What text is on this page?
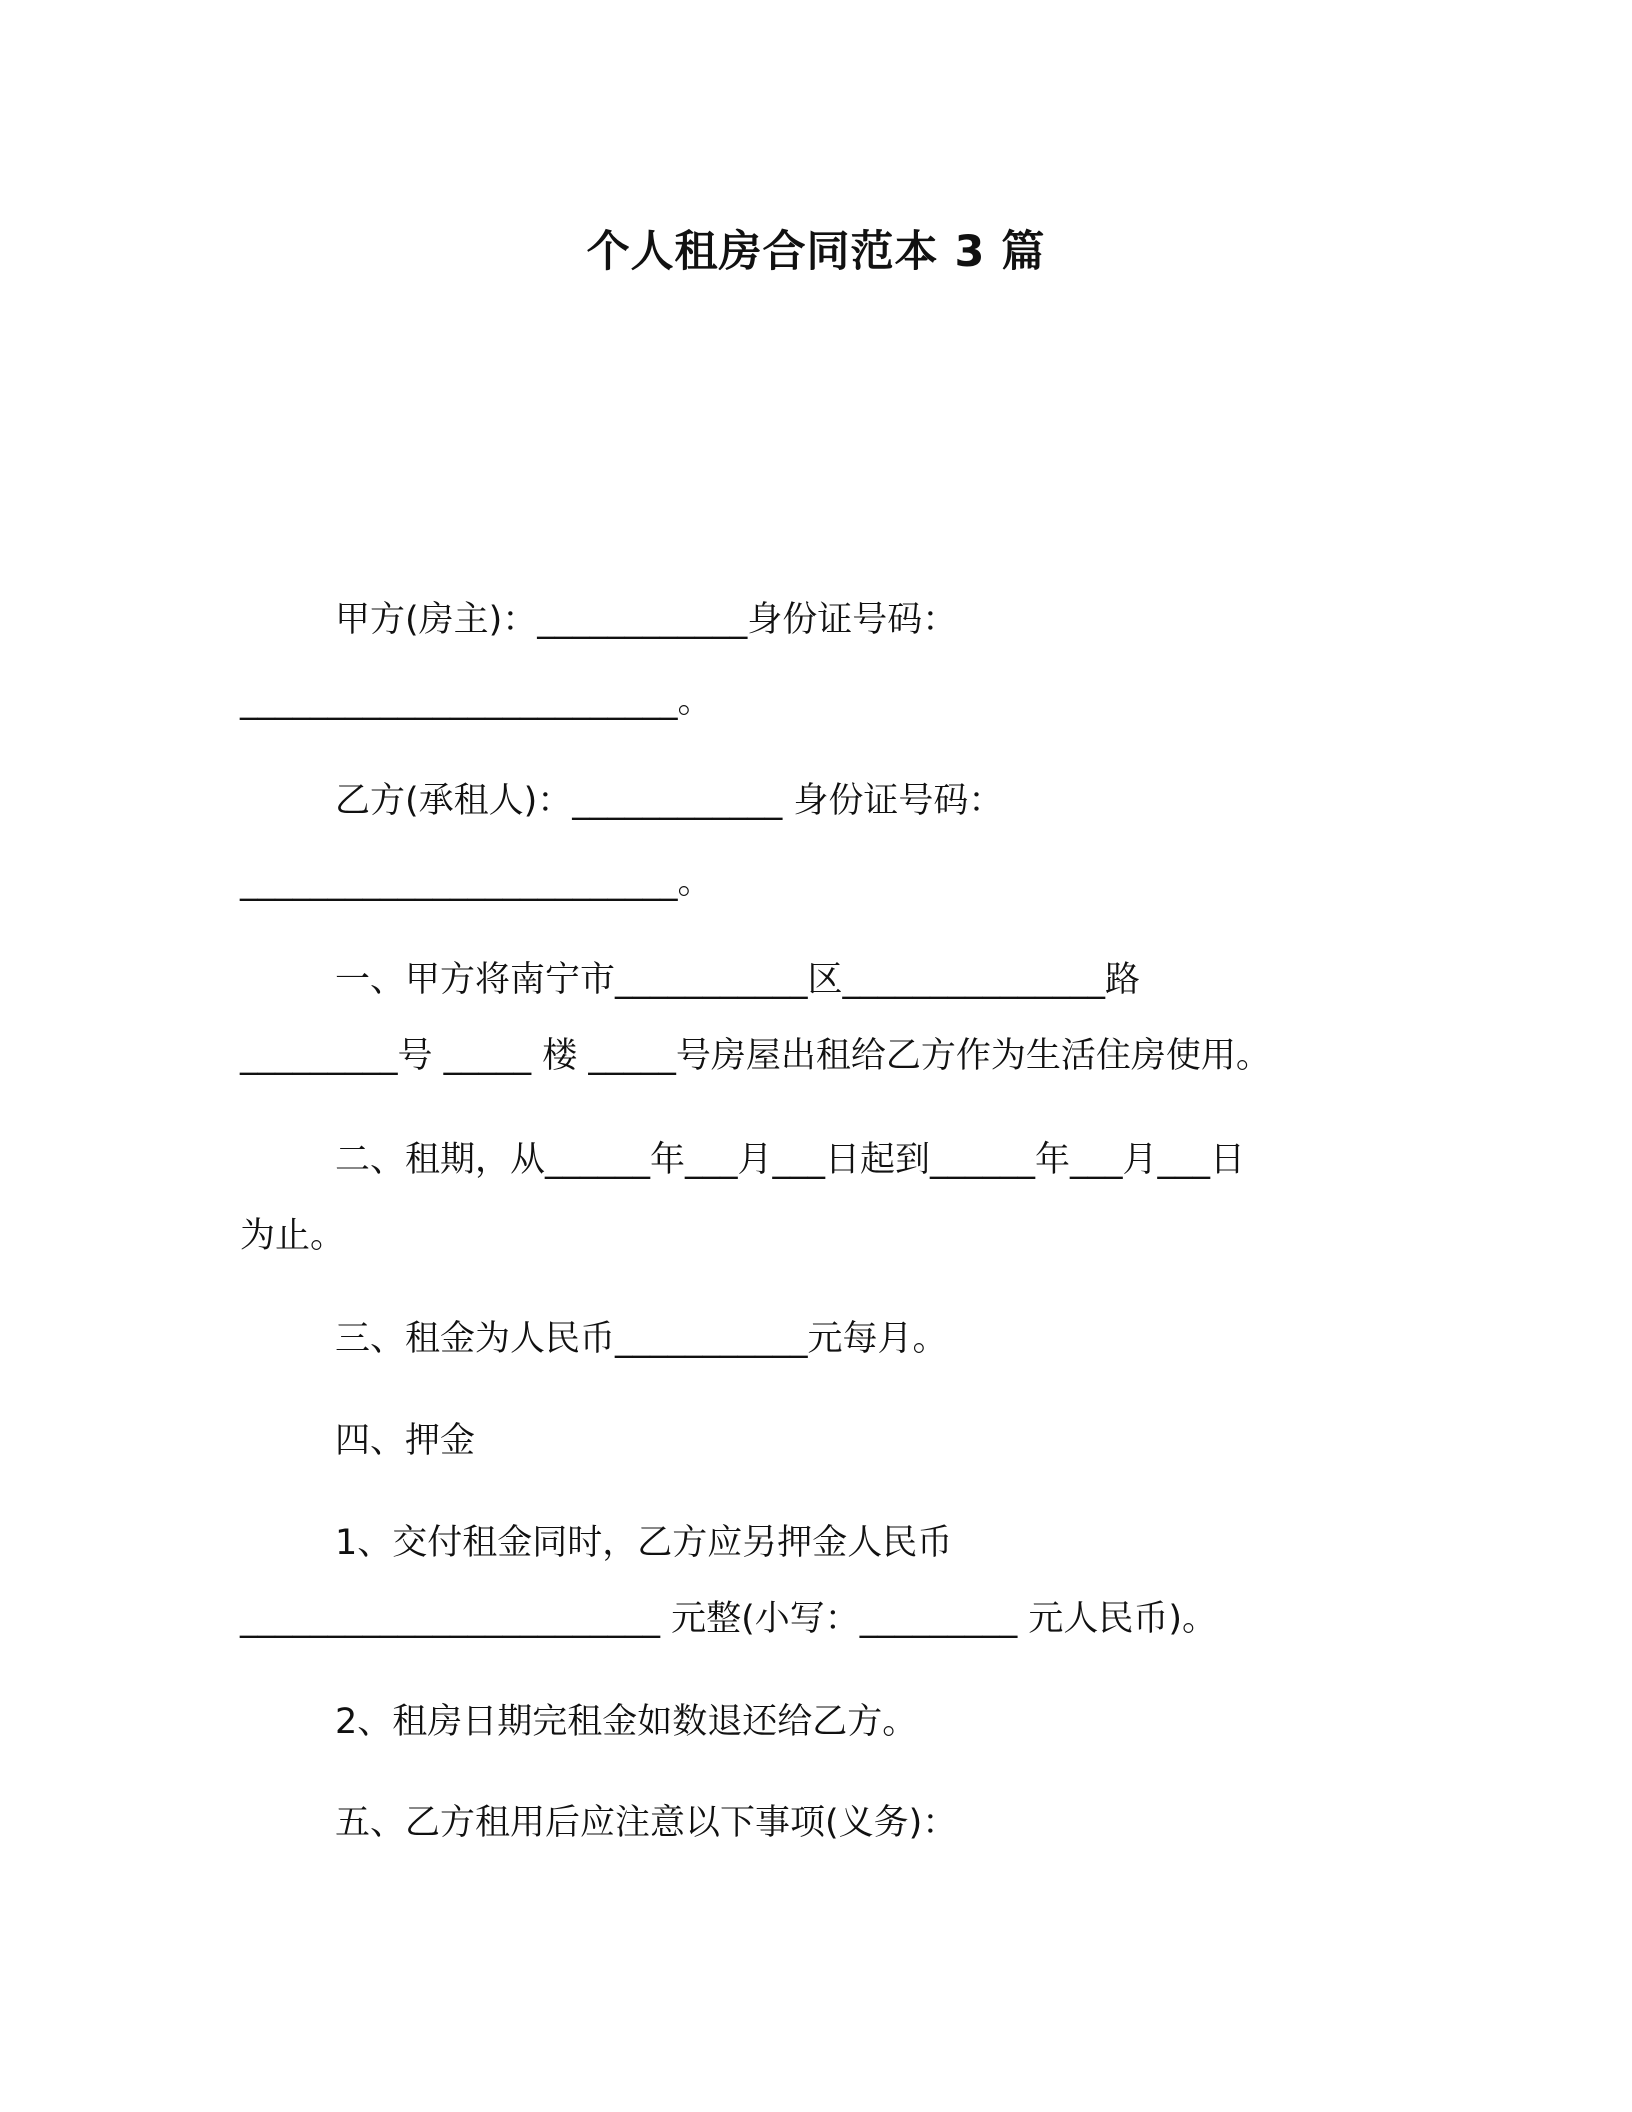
个人租房合同范本 3 篇
甲方(房主)：____________身份证号码：
_________________________。
乙方(承租人)：____________ 身份证号码：
_________________________。
一、甲方将南宁市___________区_______________路
_________号 _____ 楼 _____号房屋出租给乙方作为生活住房使用。
二、租期，从______年___月___日起到______年___月___日
为止。
三、租金为人民币___________元每月。
四、押金
1、交付租金同时，乙方应另押金人民币
________________________ 元整(小写：_________ 元人民币)。
2、租房日期完租金如数退还给乙方。
五、乙方租用后应注意以下事项(义务)：
